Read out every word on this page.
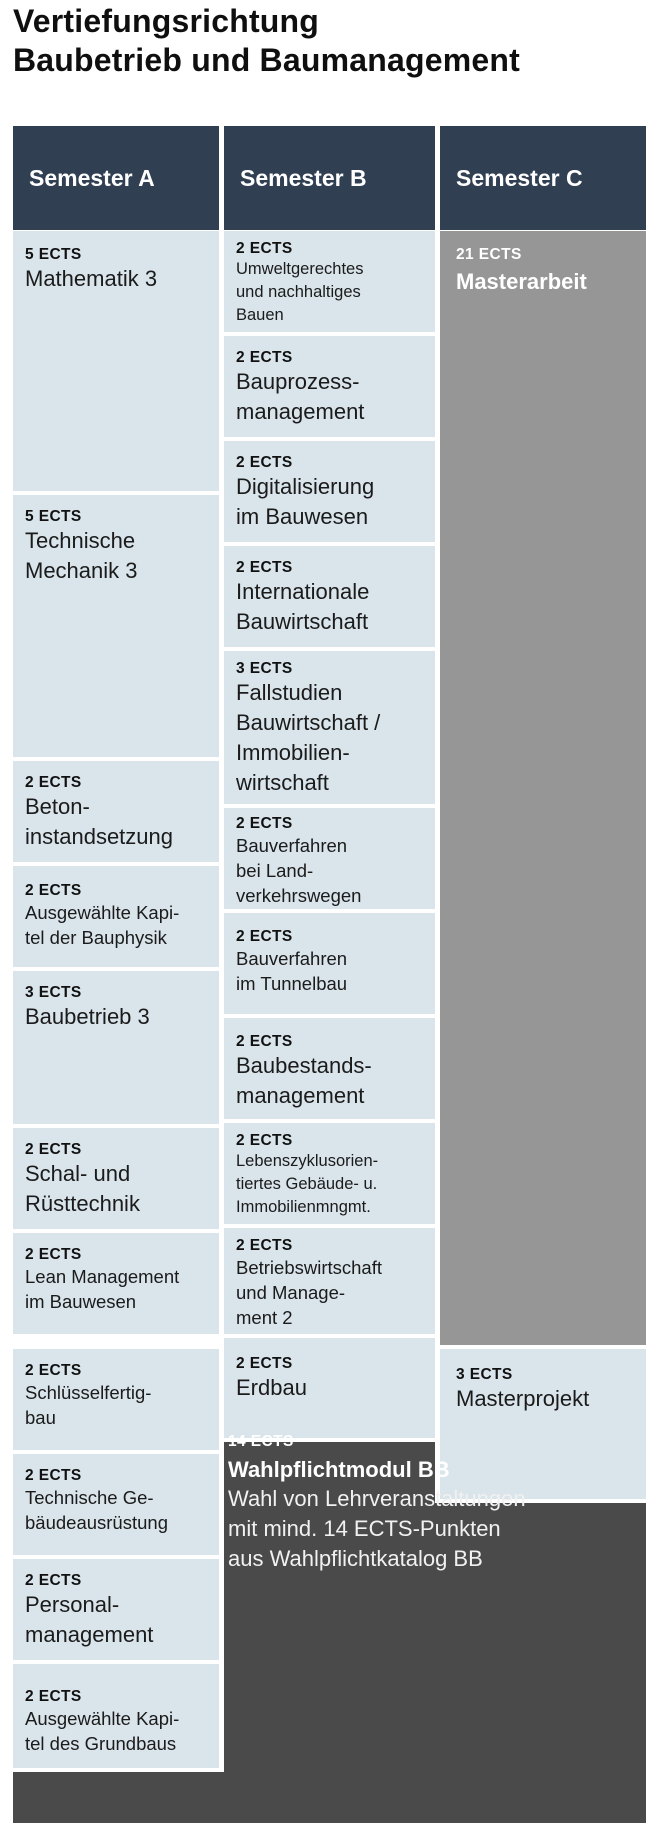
Vertiefungsrichtung
Baubetrieb und Baumanagement
Semester A	Semester B	Semester C
5 ECTS
Mathematik 3
5 ECTS
Technische
Mechanik 3
2 ECTS
Beton-
instandsetzung
2 ECTS
Ausgewählte Kapi-
tel der Bauphysik
3 ECTS
Baubetrieb 3
2 ECTS
Schal- und
Rüsttechnik
2 ECTS
Lean Management
im Bauwesen
2 ECTS
Schlüsselfertig-
bau
2 ECTS
Technische Ge-
bäudeausrüstung
2 ECTS
Personal-
management
2 ECTS
Ausgewählte Kapi-
tel des Grundbaus
2 ECTS
Umweltgerechtes
und nachhaltiges
Bauen
2 ECTS
Bauprozess-
management
2 ECTS
Digitalisierung
im Bauwesen
2 ECTS
Internationale
Bauwirtschaft
3 ECTS
Fallstudien
Bauwirtschaft /
Immobilien-
wirtschaft
2 ECTS
Bauverfahren
bei Land-
verkehrswegen
2 ECTS
Bauverfahren
im Tunnelbau
2 ECTS
Baubestands-
management
2 ECTS
Lebenszyklusorien-
tiertes Gebäude- u.
Immobilienmngmt.
2 ECTS
Betriebswirtschaft
und Manage-
ment 2
2 ECTS
Erdbau
21 ECTS
Masterarbeit
3 ECTS
Masterprojekt
14 ECTS
Wahlpflichtmodul BB
Wahl von Lehrveranstaltungen
mit mind. 14 ECTS-Punkten
aus Wahlpflichtkatalog BB
